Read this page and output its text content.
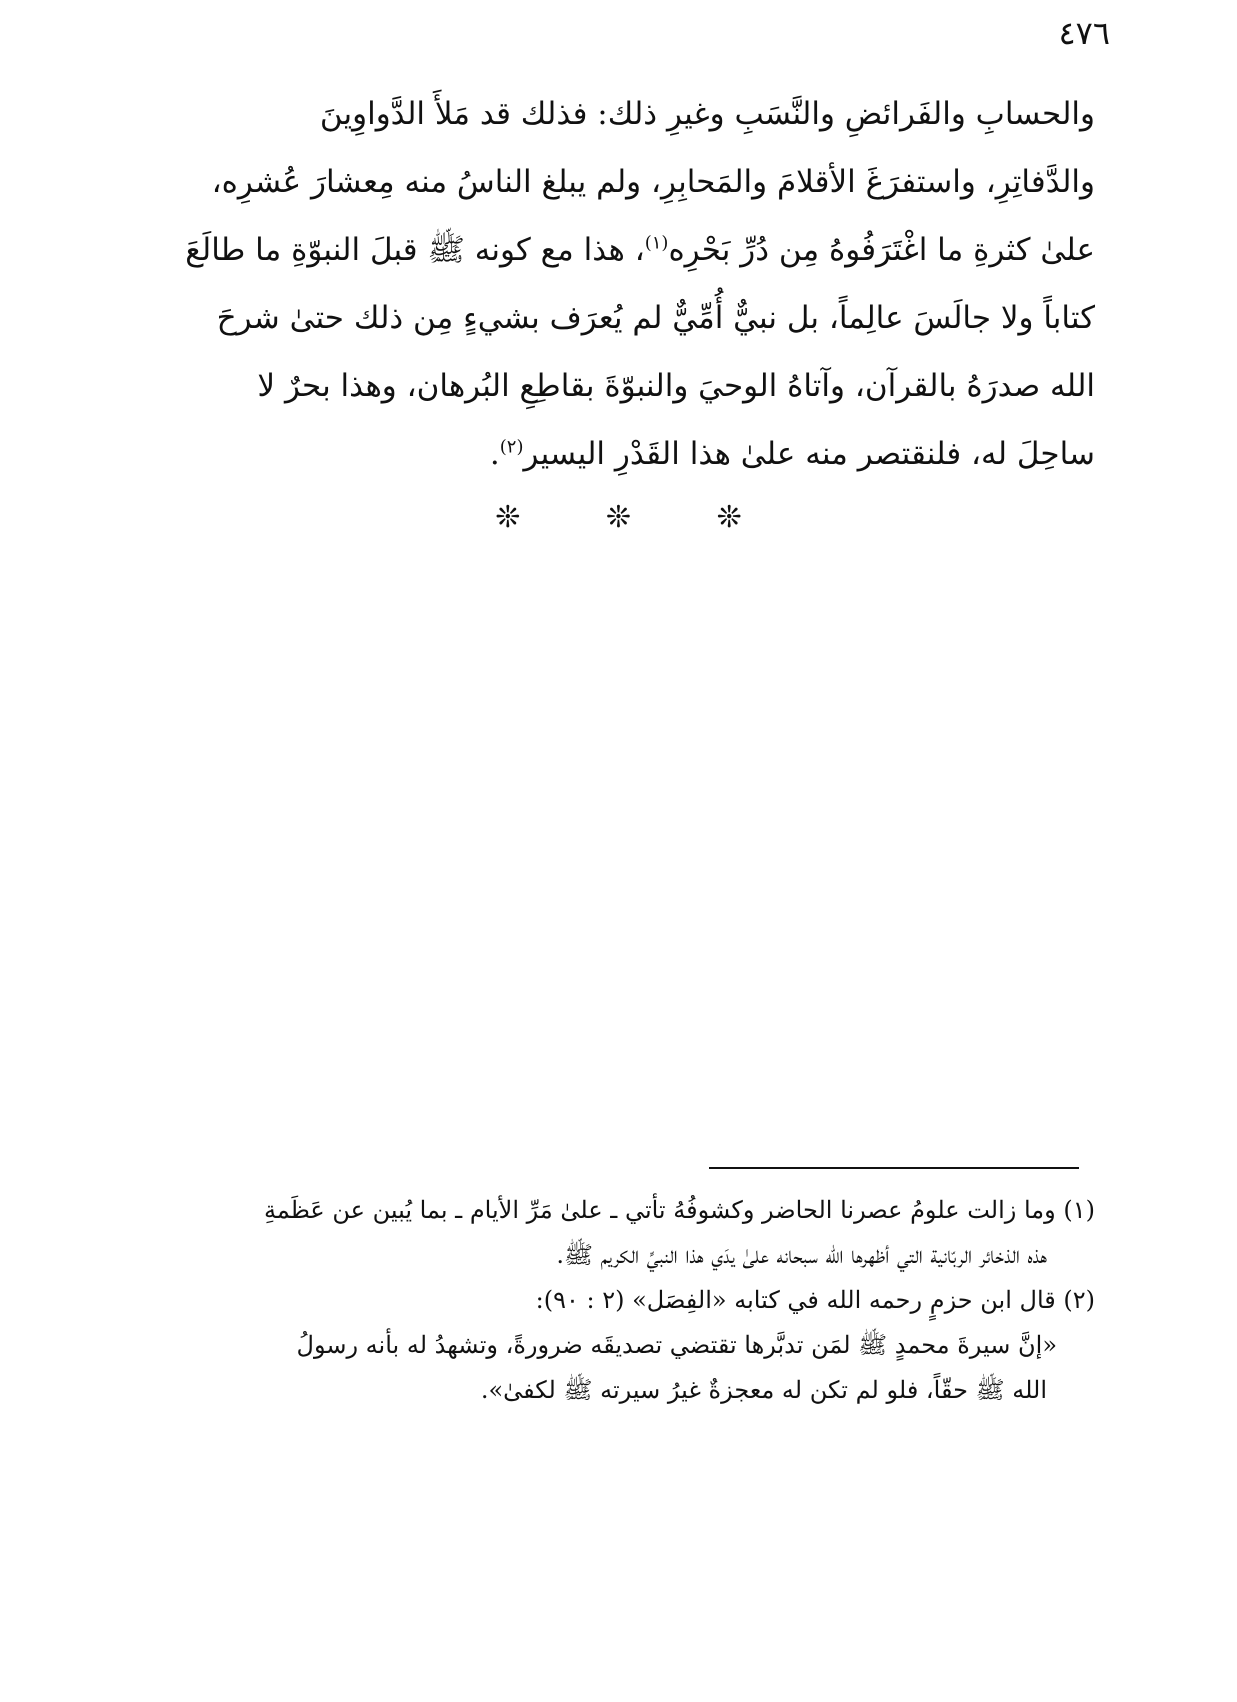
٤٧٦
والحسابِ والفَرائضِ والنَّسَبِ وغيرِ ذلك: فذلك قد مَلأَ الدَّواوِينَ
والدَّفاتِرِ، واستفرَغَ الأقلامَ والمَحابِرِ، ولم يبلغ الناسُ منه مِعشارَ عُشرِه،
علىٰ كثرةِ ما اغْتَرَفُوهُ مِن دُرِّ بَحْرِه$^{(١)}$، هذا مع كونه ﷺ قبلَ النبوّةِ ما طالَعَ
كتاباً ولا جالَسَ عالِماً، بل نبيٌّ أُمِّيٌّ لم يُعرَف بشيءٍ مِن ذلك حتىٰ شرحَ
الله صدرَهُ بالقرآن، وآتاهُ الوحيَ والنبوّةَ بقاطِعِ البُرهان، وهذا بحرٌ لا
ساحِلَ له، فلنقتصر منه علىٰ هذا القَدْرِ اليسير$^{(٢)}$.
❊ ❊ ❊
(١) وما زالت علومُ عصرنا الحاضر وكشوفُهُ تأتي ـ علىٰ مَرِّ الأيام ـ بما يُبين عن عَظَمةِ
هذه الذخائر الربّانية التي أظهرها الله سبحانه علىٰ يدَي هذا النبيِّ الكريم ﷺ.
(٢) قال ابن حزمٍ رحمه الله في كتابه «الفِصَل» (٢ : ٩٠):
«إنَّ سيرةَ محمدٍ ﷺ لمَن تدبَّرها تقتضي تصديقَه ضرورةً، وتشهدُ له بأنه رسولُ
الله ﷺ حقّاً، فلو لم تكن له معجزةٌ غيرُ سيرته ﷺ لكفىٰ».
